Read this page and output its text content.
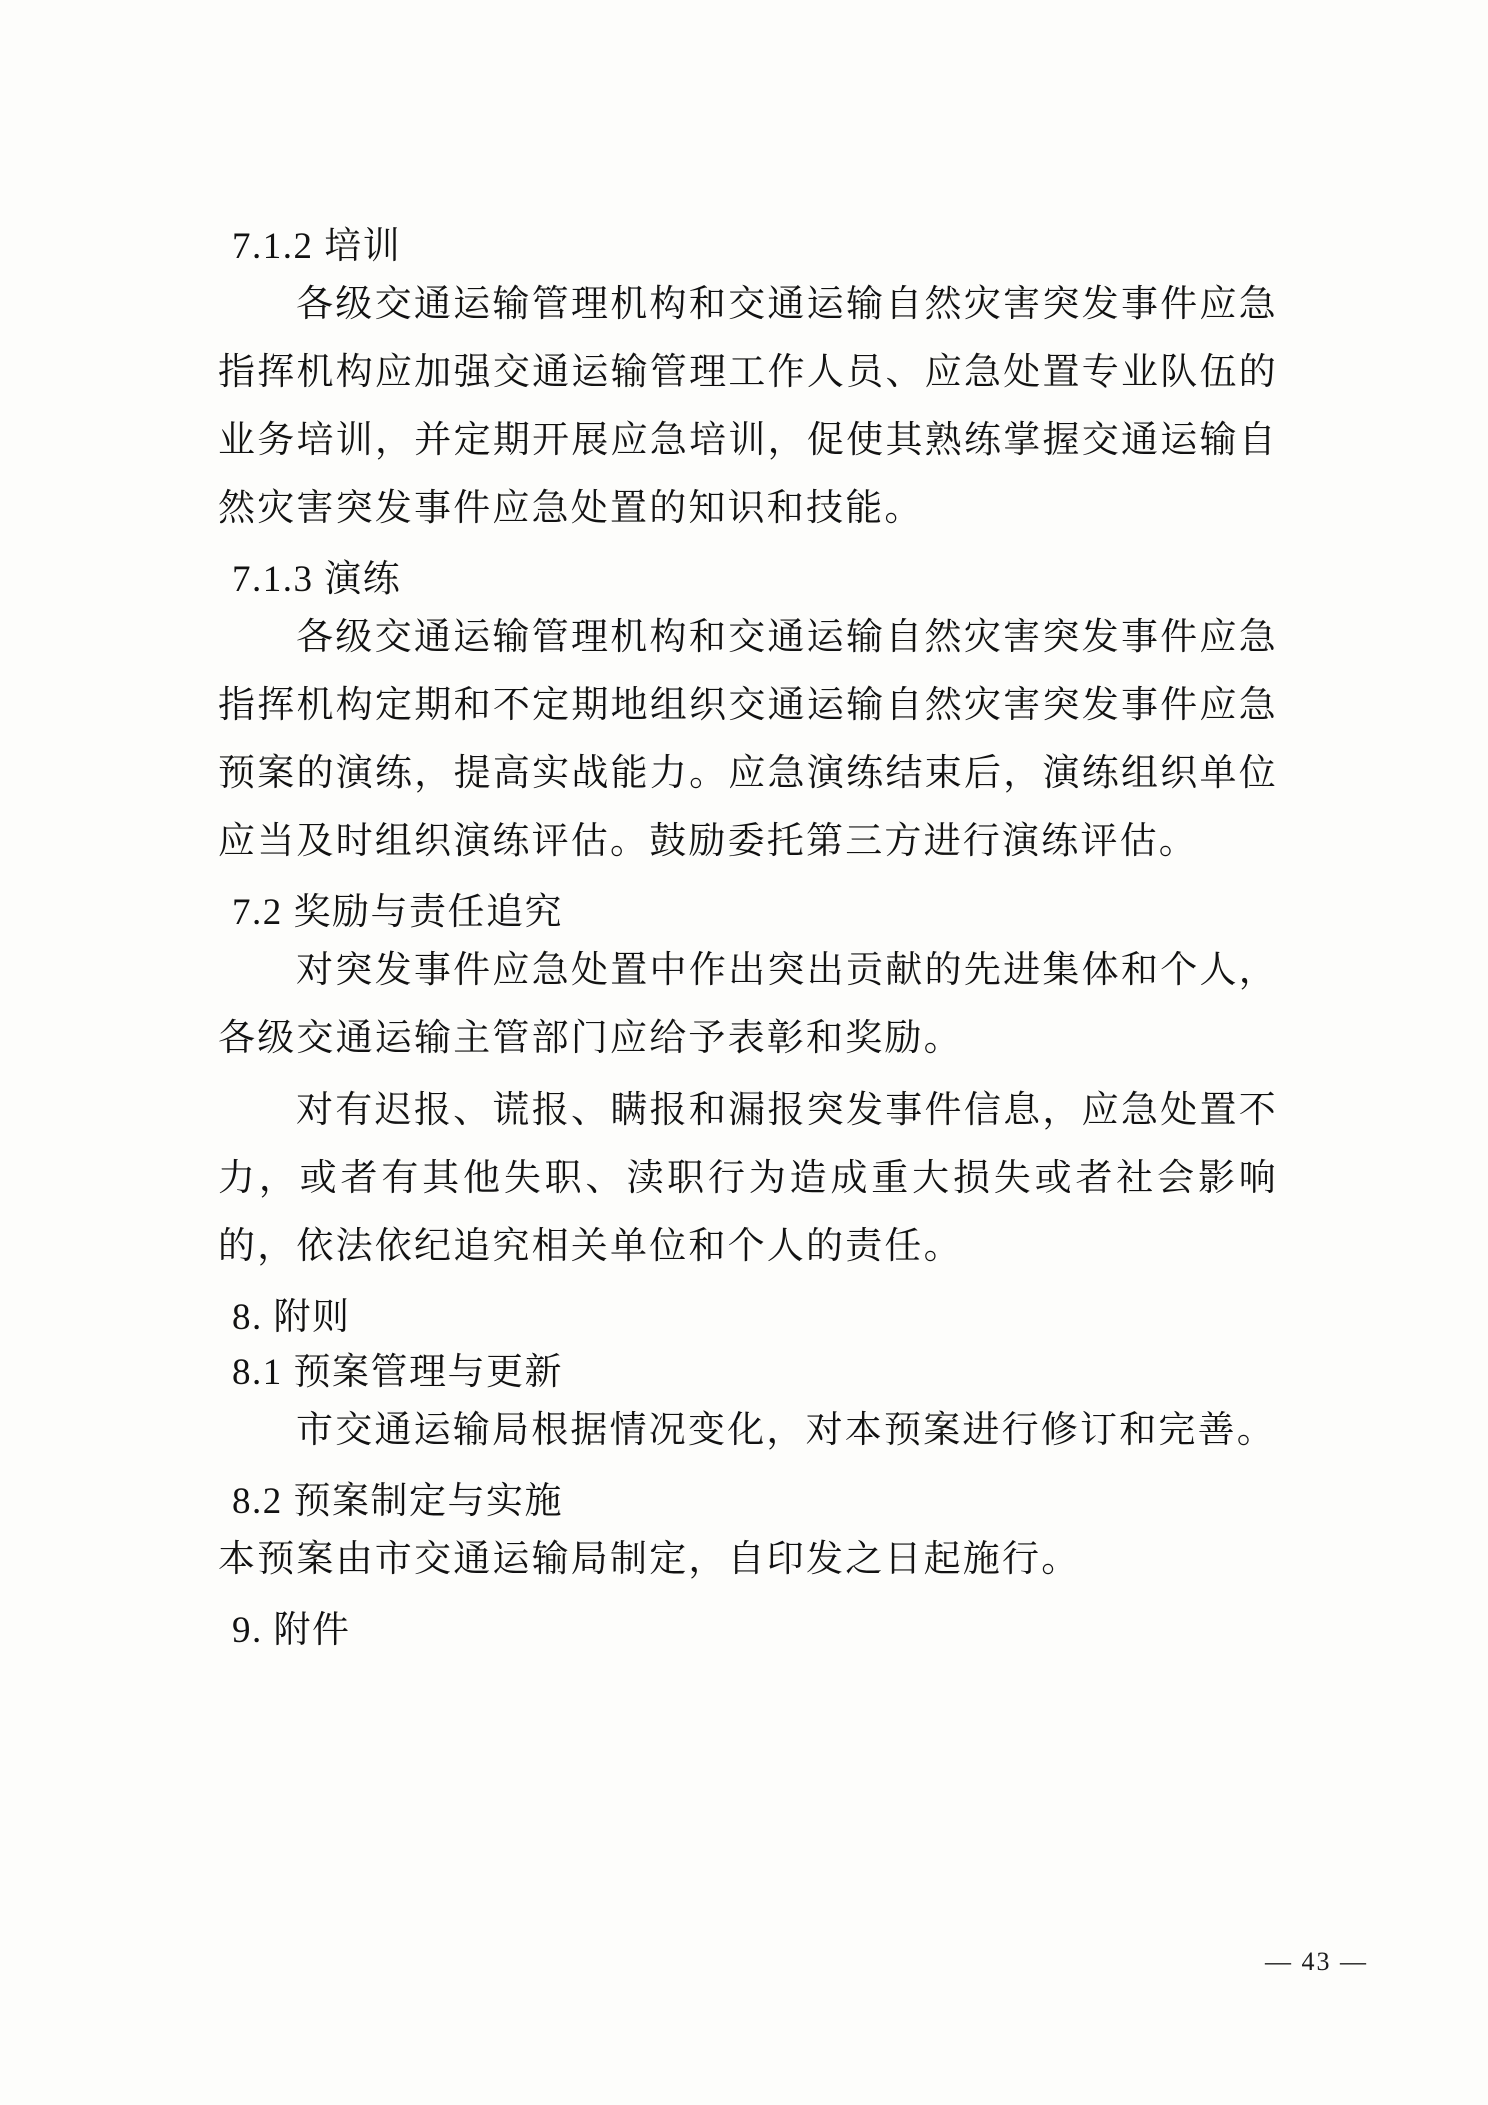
7.1.2 培训
各级交通运输管理机构和交通运输自然灾害突发事件应急指挥机构应加强交通运输管理工作人员、应急处置专业队伍的业务培训，并定期开展应急培训，促使其熟练掌握交通运输自然灾害突发事件应急处置的知识和技能。
7.1.3 演练
各级交通运输管理机构和交通运输自然灾害突发事件应急指挥机构定期和不定期地组织交通运输自然灾害突发事件应急预案的演练，提高实战能力。应急演练结束后，演练组织单位应当及时组织演练评估。鼓励委托第三方进行演练评估。
7.2 奖励与责任追究
对突发事件应急处置中作出突出贡献的先进集体和个人，各级交通运输主管部门应给予表彰和奖励。
对有迟报、谎报、瞒报和漏报突发事件信息，应急处置不力，或者有其他失职、渎职行为造成重大损失或者社会影响的，依法依纪追究相关单位和个人的责任。
8. 附则
8.1 预案管理与更新
市交通运输局根据情况变化，对本预案进行修订和完善。
8.2 预案制定与实施
本预案由市交通运输局制定，自印发之日起施行。
9. 附件
— 43 —
